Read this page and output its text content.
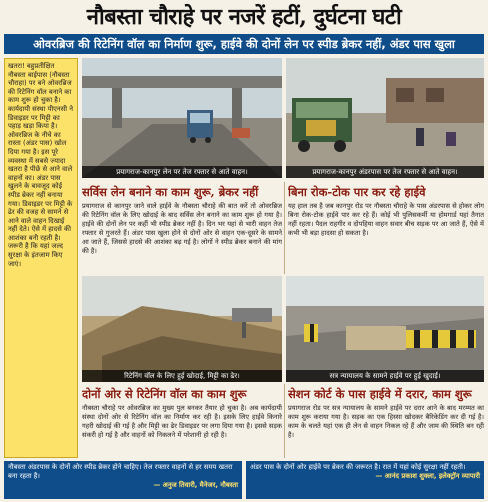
नौबस्ता चौराहे पर नजरें हटीं, दुर्घटना घटी
ओवरब्रिज की रिटेनिंग वॉल का निर्माण शुरू, हाईवे की दोनों लेन पर स्पीड ब्रेकर नहीं, अंडर पास खुला
खतरा! बहुप्रतीक्षित नौबस्ता बाईपास (नौबस्ता चौराहा) पर बने ओवरब्रिज की रिटेनिंग वॉल बनाने का काम शुरू हो चुका है। कार्यदायी संस्था पीएनसी ने डिवाइडर पर मिट्टी का पहाड़ खड़ा किया है। ओवरब्रिज के नीचे का रास्ता (अंडर पास) खोल दिया गया है। इस पूरे व्यवस्था में सबसे ज्यादा खतरा है पीछे से आने वाले वाहनों का। अंडर पास खुलने के बावजूद कोई स्पीड ब्रेकर नहीं बनाया गया। डिवाइडर पर मिट्टी के ढेर की वजह से सामने से आने वाले वाहन दिखाई नहीं देते। ऐसे में हादसे की आशंका बनी रहती है। जरूरी है कि यहां जल्द सुरक्षा के इंतजाम किए जाएं।
प्रयागराज-कानपुर लेन पर तेज रफ्तार से आते वाहन।	प्रयागराज-कानपुर अंडरपास पर तेज रफ्तार से आते वाहन।
सर्विस लेन बनाने का काम शुरू, ब्रेकर नहीं
प्रयागराज से कानपुर जाने वाले हाईवे के नौबस्ता चौराहे की बात करें तो ओवरब्रिज की रिटेनिंग वॉल के लिए खोदाई के बाद सर्विस लेन बनाने का काम शुरू हो गया है। हाईवे की दोनों लेन पर कहीं भी स्पीड ब्रेकर नहीं है। दिन भर यहां से भारी वाहन तेज रफ्तार से गुजरते हैं। अंडर पास खुला होने से दोनों ओर से वाहन एक-दूसरे के सामने आ जाते हैं, जिससे हादसे की आशंका बढ़ गई है। लोगों ने स्पीड ब्रेकर बनाने की मांग की है।
बिना रोक-टोक पार कर रहे हाईवे
यह हाल तब है जब कानपुर रोड पर नौबस्ता चौराहे के पास अंडरपास से होकर लोग बिना रोक-टोक हाईवे पार कर रहे हैं। कोई भी पुलिसकर्मी या होमगार्ड यहां तैनात नहीं रहता। पैदल राहगीर व दोपहिया वाहन सवार बीच सड़क पर आ जाते हैं, ऐसे में कभी भी बड़ा हादसा हो सकता है।
रिटेनिंग वॉल के लिए हुई खोदाई, मिट्टी का ढेर।	सत्र न्यायालय के सामने हाईवे पर हुई खुदाई।
दोनों ओर से रिटेनिंग वॉल का काम शुरू
नौबस्ता चौराहे पर ओवरब्रिज का मुख्य पुल बनकर तैयार हो चुका है। अब कार्यदायी संस्था दोनों ओर से रिटेनिंग वॉल का निर्माण कर रही है। इसके लिए हाईवे किनारे गहरी खोदाई की गई है और मिट्टी का ढेर डिवाइडर पर लगा दिया गया है। इससे सड़क संकरी हो गई है और वाहनों को निकलने में परेशानी हो रही है।
सेशन कोर्ट के पास हाईवे में दरार, काम शुरू
प्रयागराज रोड पर सत्र न्यायालय के सामने हाईवे पर दरार आने के बाद मरम्मत का काम शुरू कराया गया है। सड़क का एक हिस्सा खोदकर बैरिकेडिंग कर दी गई है। काम के चलते यहां एक ही लेन से वाहन निकल रहे हैं और जाम की स्थिति बन रही है।
नौबस्ता अंडरपास के दोनों ओर स्पीड ब्रेकर होने चाहिए। तेज रफ्तार वाहनों से हर समय खतरा बना रहता है।
— अनुज तिवारी, मैनेजर, नौबस्ता
अंडर पास के दोनों ओर हाईवे पर ब्रेकर की जरूरत है। रात में यहां कोई सुरक्षा नहीं रहती।
— आनंद प्रकाश शुक्ला, इलेक्ट्रॉन व्यापारी
